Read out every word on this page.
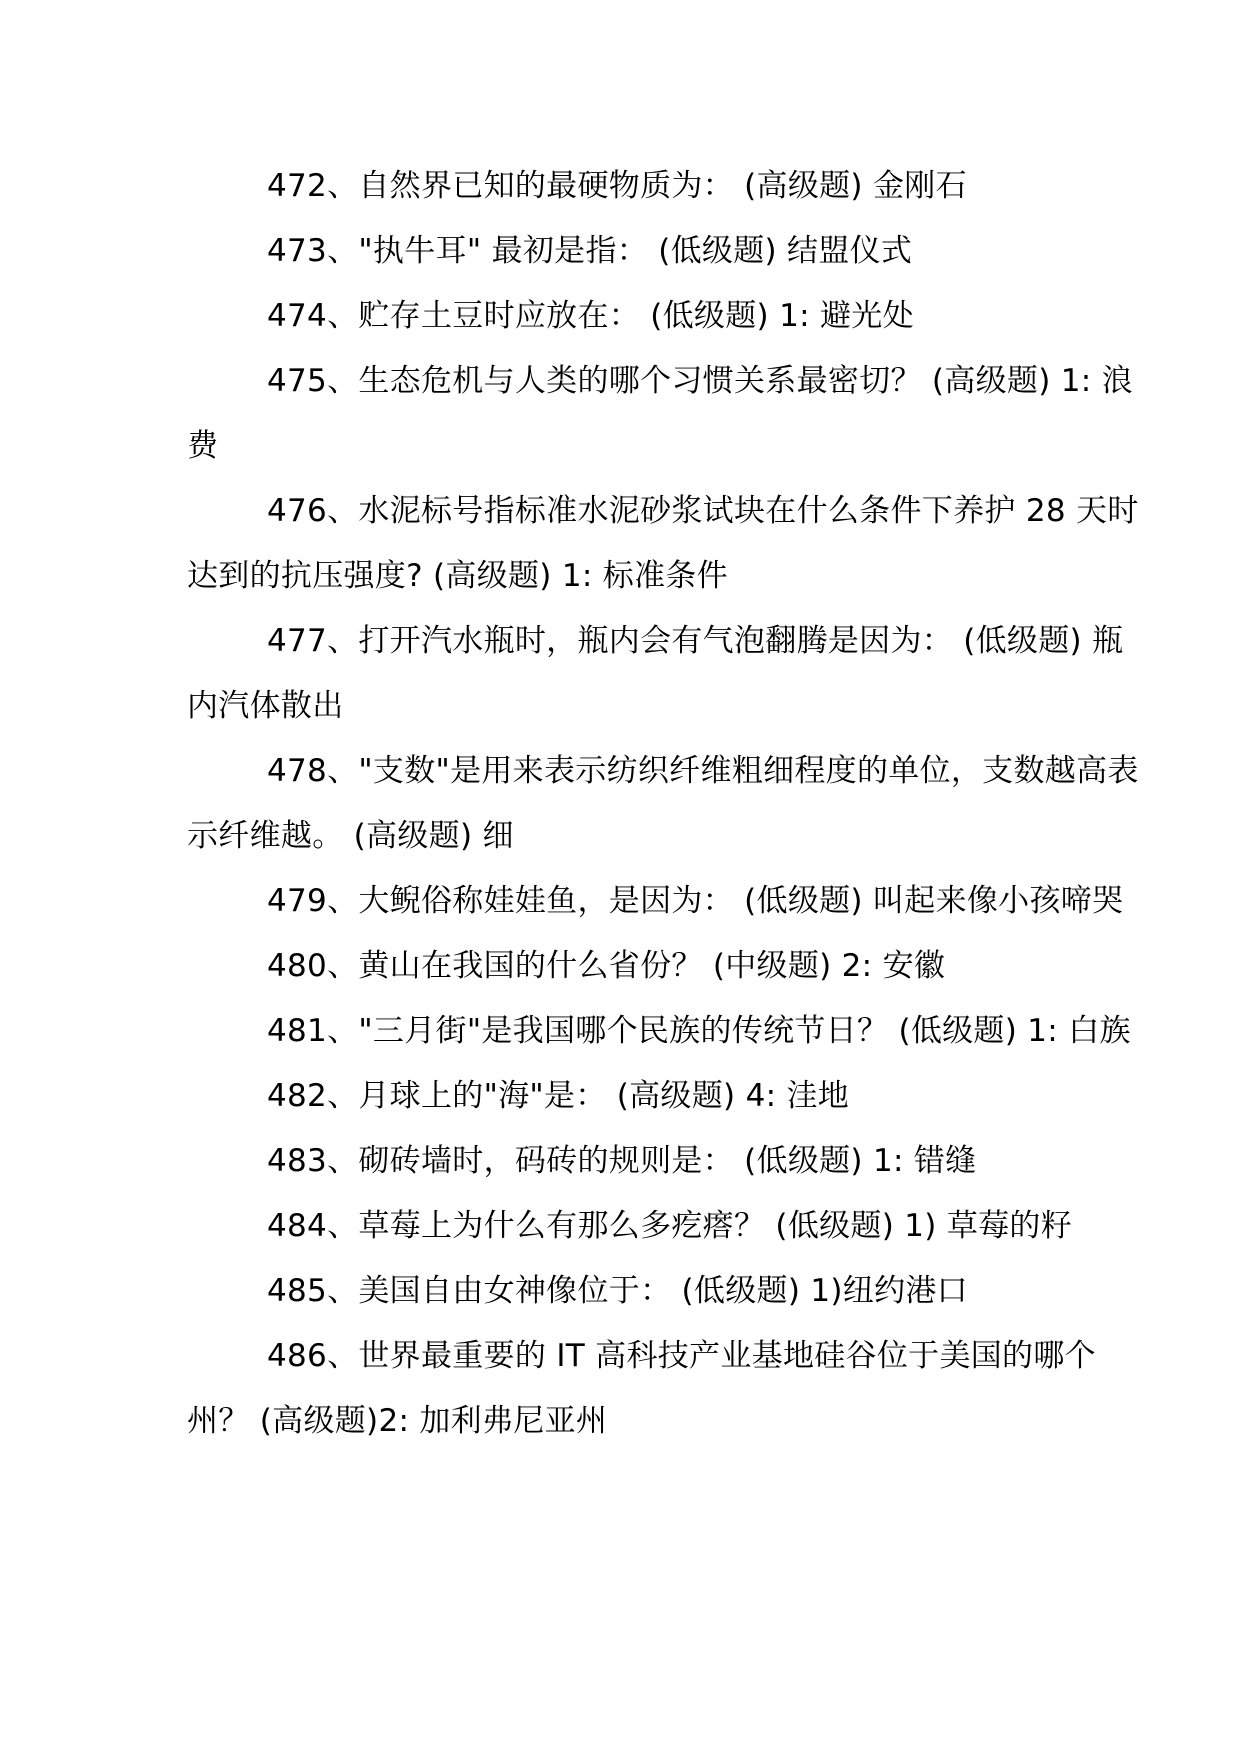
472、自然界已知的最硬物质为： (高级题) 金刚石

473、"执牛耳" 最初是指： (低级题) 结盟仪式

474、贮存土豆时应放在： (低级题) 1: 避光处

475、生态危机与人类的哪个习惯关系最密切？ (高级题) 1: 浪费

476、水泥标号指标准水泥砂浆试块在什么条件下养护 28 天时达到的抗压强度? (高级题) 1: 标准条件

477、打开汽水瓶时，瓶内会有气泡翻腾是因为： (低级题) 瓶内汽体散出

478、"支数"是用来表示纺织纤维粗细程度的单位，支数越高表示纤维越。 (高级题) 细

479、大鲵俗称娃娃鱼，是因为： (低级题) 叫起来像小孩啼哭

480、黄山在我国的什么省份？ (中级题) 2: 安徽

481、"三月街"是我国哪个民族的传统节日？ (低级题) 1: 白族

482、月球上的"海"是： (高级题) 4: 洼地

483、砌砖墙时，码砖的规则是： (低级题) 1: 错缝

484、草莓上为什么有那么多疙瘩？ (低级题) 1) 草莓的籽

485、美国自由女神像位于： (低级题) 1)纽约港口

486、世界最重要的 IT 高科技产业基地硅谷位于美国的哪个州？ (高级题)2: 加利弗尼亚州
